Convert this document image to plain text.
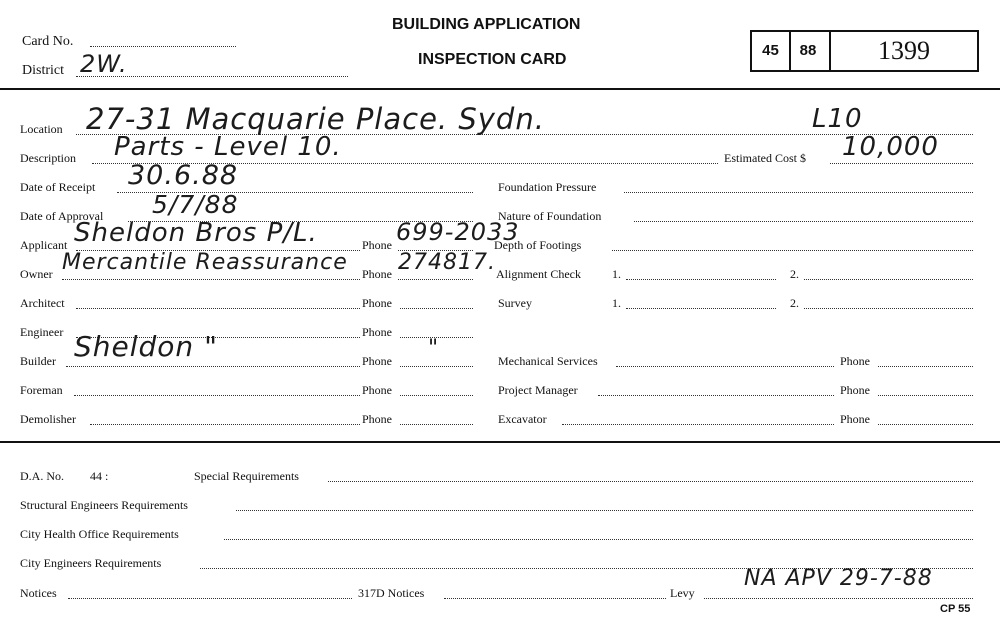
Card No.
District 2W.
BUILDING APPLICATION
INSPECTION CARD
45	88	1399
Location 27-31 Macquarie Place. Sydn.	L10
Description Parts - Level 10.	Estimated Cost $ 10,000
Date of Receipt 30.6.88
Date of Approval 5/7/88
Applicant Sheldon Bros P/L.	Phone 699-2033
Owner Mercantile Reassurance Phone 274817.
Architect	Phone
Engineer	Phone
Builder Sheldon "	Phone "
Foreman	Phone
Demolisher	Phone
Foundation Pressure
Nature of Foundation
Depth of Footings
Alignment Check	1.	2.
Survey	1.	2.
Mechanical Services	Phone
Project Manager	Phone
Excavator	Phone
D.A. No. 44 :	Special Requirements
Structural Engineers Requirements
City Health Office Requirements
City Engineers Requirements
Notices	317D Notices	Levy
NA APV 29-7-88
CP 55
